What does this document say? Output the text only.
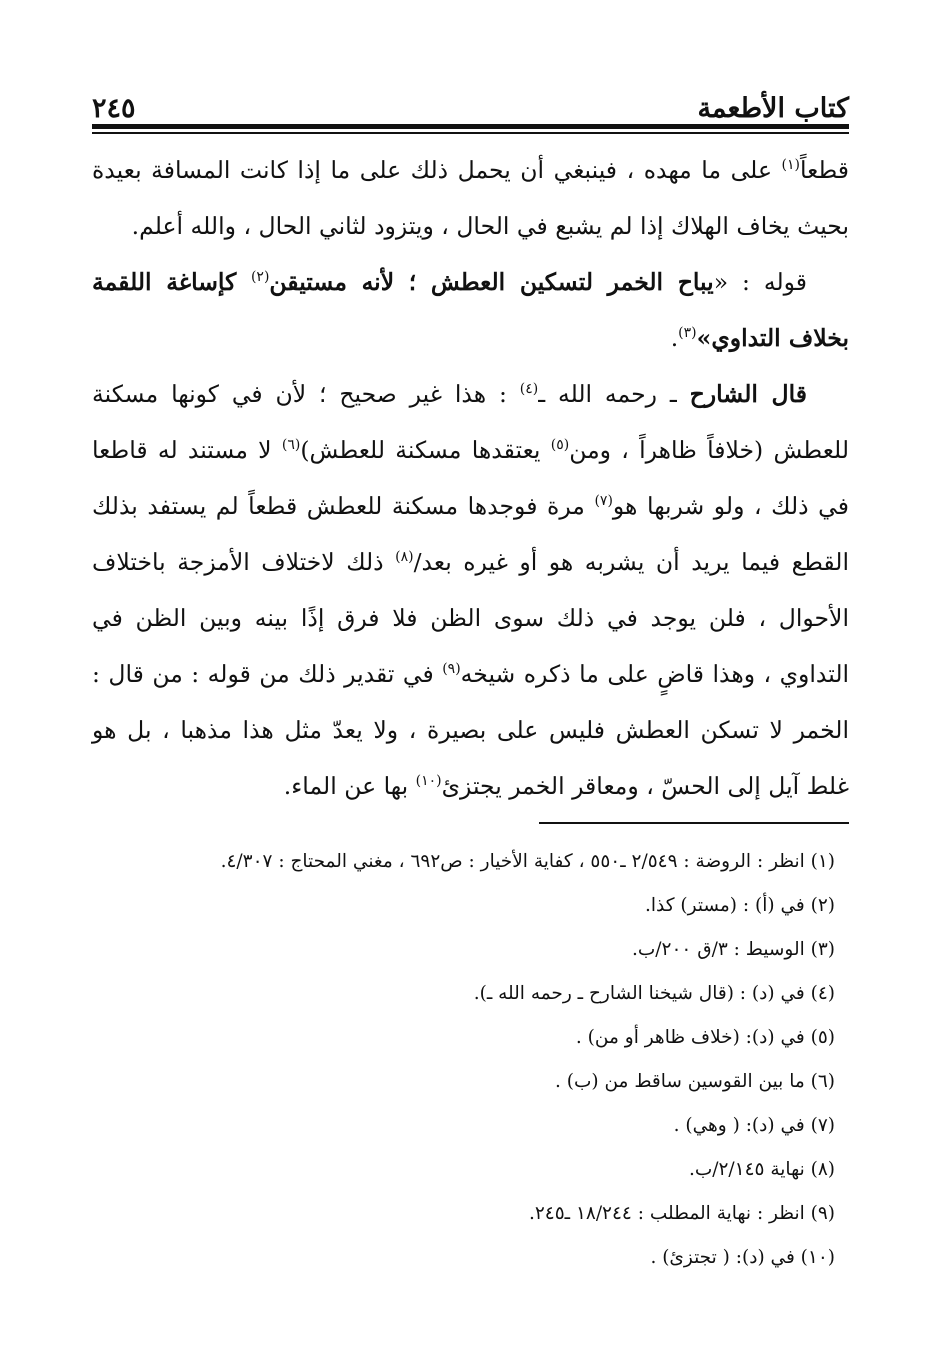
٢٤٥	كتاب الأطعمة

قطعاً$^{(١)}$ على ما مهده ، فينبغي أن يحمل ذلك على ما إذا كانت المسافة بعيدة بحيث يخاف الهلاك إذا لم يشبع في الحال ، ويتزود لثاني الحال ، والله أعلم.

قوله : «يباح الخمر لتسكين العطش ؛ لأنه مستيقن$^{(٢)}$ كإساغة اللقمة بخلاف التداوي»$^{(٣)}$.

قال الشارح ـ رحمه الله ـ$^{(٤)}$ : هذا غير صحيح ؛ لأن في كونها مسكنة للعطش (خلافاً ظاهراً ، ومن$^{(٥)}$ يعتقدها مسكنة للعطش)$^{(٦)}$ لا مستند له قاطعا في ذلك ، ولو شربها هو$^{(٧)}$ مرة فوجدها مسكنة للعطش قطعاً لم يستفد بذلك القطع فيما يريد أن يشربه هو أو غيره بعد/$^{(٨)}$ ذلك لاختلاف الأمزجة باختلاف الأحوال ، فلن يوجد في ذلك سوى الظن فلا فرق إذًا بينه وبين الظن في التداوي ، وهذا قاضٍ على ما ذكره شيخه$^{(٩)}$ في تقدير ذلك من قوله : من قال : الخمر لا تسكن العطش فليس على بصيرة ، ولا يعدّ مثل هذا مذهبا ، بل هو غلط آيل إلى الحسّ ، ومعاقر الخمر يجتزئ$^{(١٠)}$ بها عن الماء.

(١) انظر : الروضة : ٢/٥٤٩ ـ٥٥٠ ، كفاية الأخيار : ص٦٩٢ ، مغني المحتاج : ٤/٣٠٧.
(٢) في (أ) : (مستر) كذا.
(٣) الوسيط : ٣/ق ٢٠٠/ب.
(٤) في (د) : (قال شيخنا الشارح ـ رحمه الله ـ).
(٥) في (د): (خلاف ظاهر أو من) .
(٦) ما بين القوسين ساقط من (ب) .
(٧) في (د): ( وهي) .
(٨) نهاية ٢/١٤٥/ب.
(٩) انظر : نهاية المطلب : ١٨/٢٤٤ ـ٢٤٥.
(١٠) في (د): ( تجتزئ) .
